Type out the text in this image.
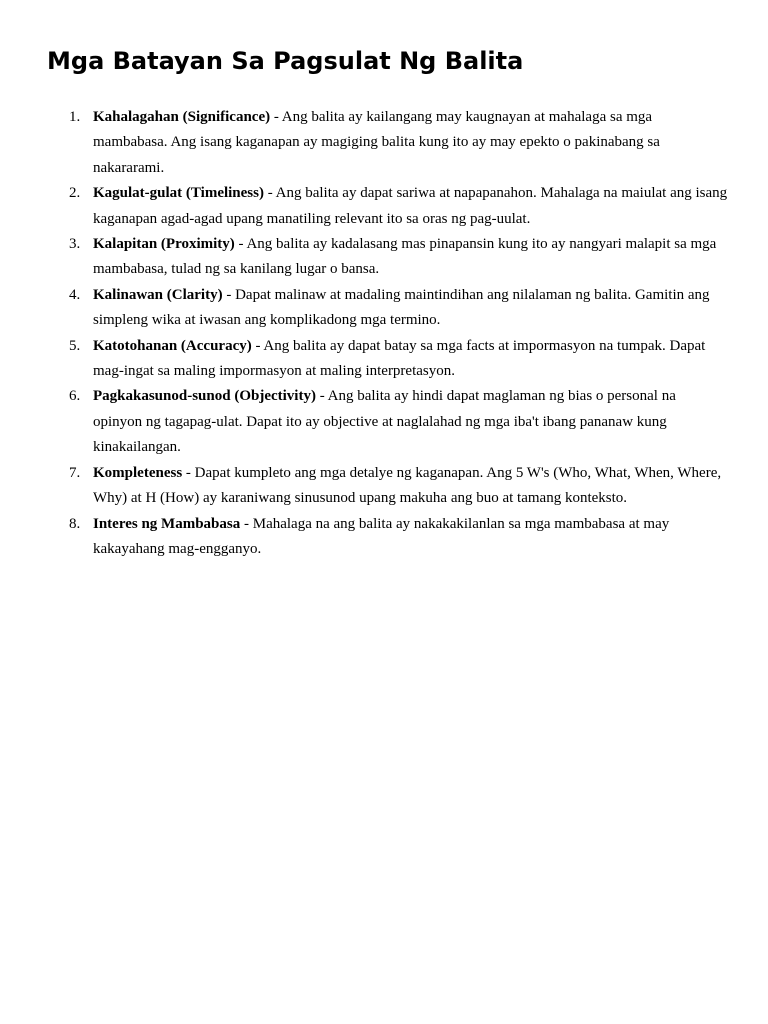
Mga Batayan Sa Pagsulat Ng Balita
1. Kahalagahan (Significance) - Ang balita ay kailangang may kaugnayan at mahalaga sa mga mambabasa. Ang isang kaganapan ay magiging balita kung ito ay may epekto o pakinabang sa nakararami.
2. Kagulat-gulat (Timeliness) - Ang balita ay dapat sariwa at napapanahon. Mahalaga na maiulat ang isang kaganapan agad-agad upang manatiling relevant ito sa oras ng pag-uulat.
3. Kalapitan (Proximity) - Ang balita ay kadalasang mas pinapansin kung ito ay nangyari malapit sa mga mambabasa, tulad ng sa kanilang lugar o bansa.
4. Kalinawan (Clarity) - Dapat malinaw at madaling maintindihan ang nilalaman ng balita. Gamitin ang simpleng wika at iwasan ang komplikadong mga termino.
5. Katotohanan (Accuracy) - Ang balita ay dapat batay sa mga facts at impormasyon na tumpak. Dapat mag-ingat sa maling impormasyon at maling interpretasyon.
6. Pagkakasunod-sunod (Objectivity) - Ang balita ay hindi dapat maglaman ng bias o personal na opinyon ng tagapag-ulat. Dapat ito ay objective at naglalahad ng mga iba't ibang pananaw kung kinakailangan.
7. Kompleteness - Dapat kumpleto ang mga detalye ng kaganapan. Ang 5 W's (Who, What, When, Where, Why) at H (How) ay karaniwang sinusunod upang makuha ang buo at tamang konteksto.
8. Interes ng Mambabasa - Mahalaga na ang balita ay nakakakilanlan sa mga mambabasa at may kakayahang mag-engganyo.
